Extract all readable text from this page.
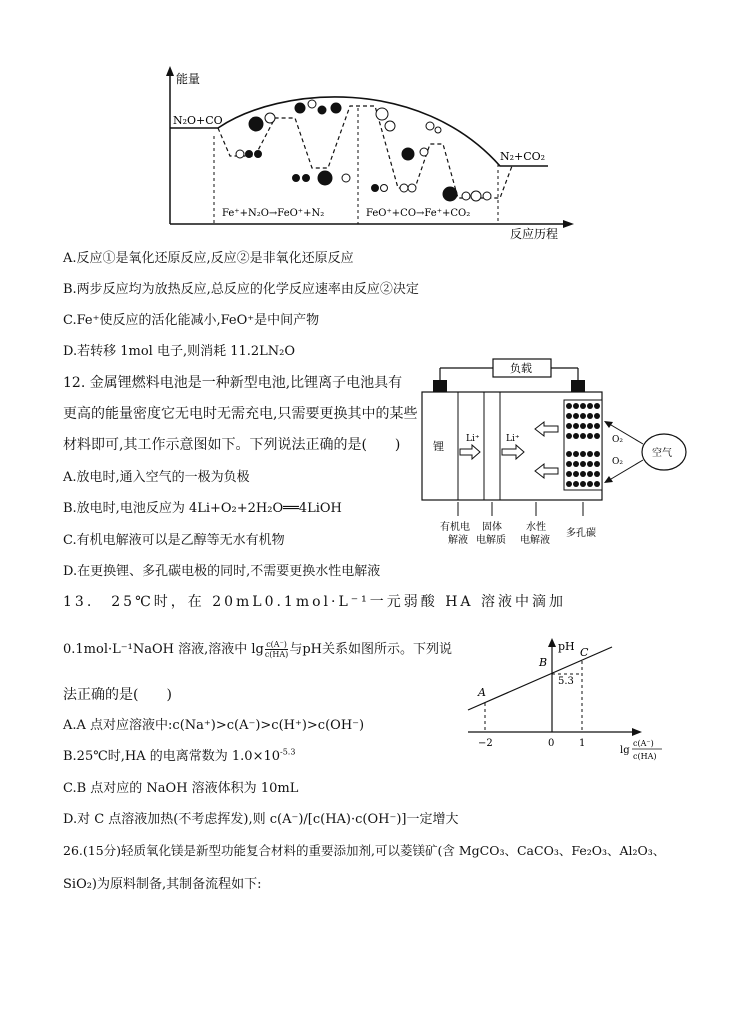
能量
反应历程
N₂O+CO
N₂+CO₂
Fe⁺+N₂O→FeO⁺+N₂	FeO⁺+CO→Fe⁺+CO₂
A.反应①是氧化还原反应,反应②是非氧化还原反应
B.两步反应均为放热反应,总反应的化学反应速率由反应②决定
C.Fe⁺使反应的活化能减小,FeO⁺是中间产物
D.若转移 1mol 电子,则消耗 11.2LN₂O
12. 金属锂燃料电池是一种新型电池,比锂离子电池具有
更高的能量密度它无电时无需充电,只需要更换其中的某些
材料即可,其工作示意图如下。下列说法正确的是(　　)
A.放电时,通入空气的一极为负极
B.放电时,电池反应为 4Li+O₂+2H₂O══4LiOH
C.有机电解液可以是乙醇等无水有机物
D.在更换锂、多孔碳电极的同时,不需要更换水性电解液
负载
锂
Li⁺	Li⁺
空气
O₂
O₂
有机电
解液
固体
电解质
水性
电解液
多孔碳
13.　25℃时，在 20mL0.1mol·L⁻¹一元弱酸 HA 溶液中滴加
0.1mol·L⁻¹NaOH 溶液,溶液中 $\lg \frac{c(A^-)}{c(HA)}$ 与pH关系如图所示。下列说
法正确的是(　　)
A.A 点对应溶液中:c(Na⁺)>c(A⁻)>c(H⁺)>c(OH⁻)
B.25℃时,HA 的电离常数为 $1.0\times 10^{-5.3}$
C.B 点对应的 NaOH 溶液体积为 10mL
D.对 C 点溶液加热(不考虑挥发),则 c(A⁻)/[c(HA)·c(OH⁻)]一定增大
pH
A
B
C
5.3
−2	0 1
lg
c(A⁻)
c(HA)
26.(15分)轻质氧化镁是新型功能复合材料的重要添加剂,可以菱镁矿(含 MgCO₃、CaCO₃、Fe₂O₃、Al₂O₃、
SiO₂)为原料制备,其制备流程如下:
